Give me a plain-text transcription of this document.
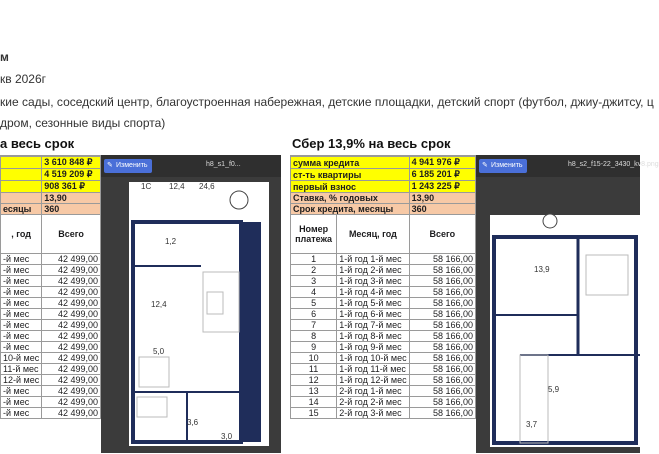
м
кв 2026г
кие сады, соседский центр, благоустроенная набережная, детские площадки, детский спорт (футбол, джиу-джитсу, ц
дром, сезонные виды спорта)
а весь срок
	3 610 848 ₽
	4 519 209 ₽
	908 361 ₽
	13,90
есяцы	360
, год	Всего
-й мес	42 499,00
-й мес	42 499,00
-й мес	42 499,00
-й мес	42 499,00
-й мес	42 499,00
-й мес	42 499,00
-й мес	42 499,00
-й мес	42 499,00
-й мес	42 499,00
10-й мес	42 499,00
11-й мес	42 499,00
12-й мес	42 499,00
-й мес	42 499,00
-й мес	42 499,00
-й мес	42 499,00
✎ Изменить	h8_s1_f0...
1С 12,4 24,6
1,2
12,4
5,0
3,6
3,0
Сбер 13,9% на весь срок
сумма кредита		4 941 976 ₽
ст-ть квартиры		6 185 201 ₽
первый взнос		1 243 225 ₽
Ставка, % годовых		13,90
Срок кредита, месяцы		360
Номер платежа	Месяц, год	Всего
1	1-й год 1-й мес	58 166,00
2	1-й год 2-й мес	58 166,00
3	1-й год 3-й мес	58 166,00
4	1-й год 4-й мес	58 166,00
5	1-й год 5-й мес	58 166,00
6	1-й год 6-й мес	58 166,00
7	1-й год 7-й мес	58 166,00
8	1-й год 8-й мес	58 166,00
9	1-й год 9-й мес	58 166,00
10	1-й год 10-й мес	58 166,00
11	1-й год 11-й мес	58 166,00
12	1-й год 12-й мес	58 166,00
13	2-й год 1-й мес	58 166,00
14	2-й год 2-й мес	58 166,00
15	2-й год 3-й мес	58 166,00
✎ Изменить	h8_s2_f15-22_3430_kv8.png
13,9
5,9
3,7
